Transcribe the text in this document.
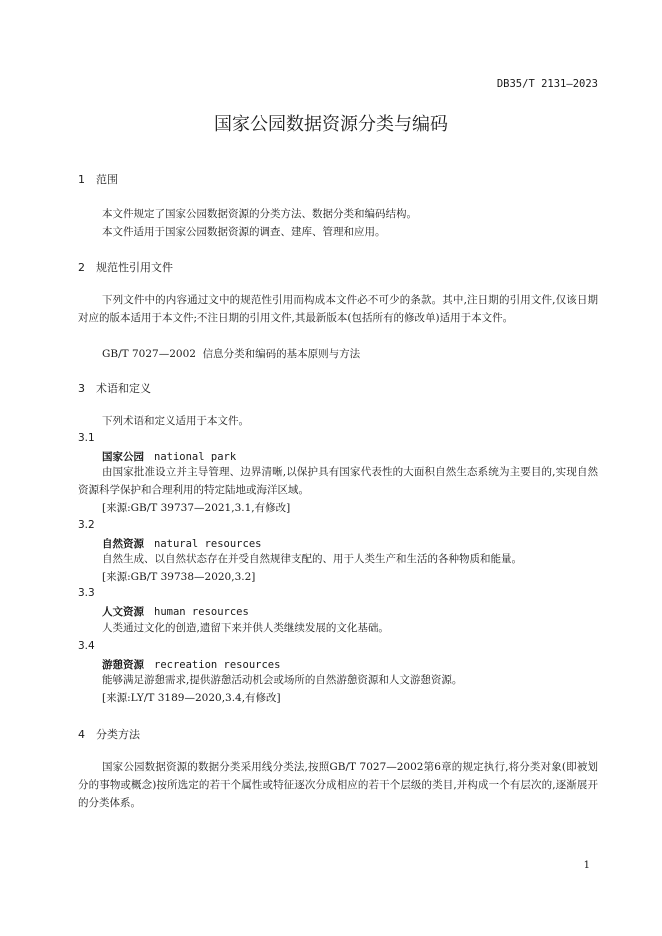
DB35/T 2131—2023
国家公园数据资源分类与编码
1 范围
本文件规定了国家公园数据资源的分类方法、数据分类和编码结构。
本文件适用于国家公园数据资源的调查、建库、管理和应用。
2 规范性引用文件
下列文件中的内容通过文中的规范性引用而构成本文件必不可少的条款。其中,注日期的引用文件,仅该日期对应的版本适用于本文件;不注日期的引用文件,其最新版本(包括所有的修改单)适用于本文件。
GB/T 7027—2002  信息分类和编码的基本原则与方法
3 术语和定义
下列术语和定义适用于本文件。
3.1
国家公园 national park
由国家批准设立并主导管理、边界清晰,以保护具有国家代表性的大面积自然生态系统为主要目的,实现自然资源科学保护和合理利用的特定陆地或海洋区域。
[来源:GB/T 39737—2021,3.1,有修改]
3.2
自然资源 natural resources
自然生成、以自然状态存在并受自然规律支配的、用于人类生产和生活的各种物质和能量。
[来源:GB/T 39738—2020,3.2]
3.3
人文资源 human resources
人类通过文化的创造,遗留下来并供人类继续发展的文化基础。
3.4
游憩资源 recreation resources
能够满足游憩需求,提供游憩活动机会或场所的自然游憩资源和人文游憩资源。
[来源:LY/T 3189—2020,3.4,有修改]
4 分类方法
国家公园数据资源的数据分类采用线分类法,按照GB/T 7027—2002第6章的规定执行,将分类对象(即被划分的事物或概念)按所选定的若干个属性或特征逐次分成相应的若干个层级的类目,并构成一个有层次的,逐渐展开的分类体系。
1
